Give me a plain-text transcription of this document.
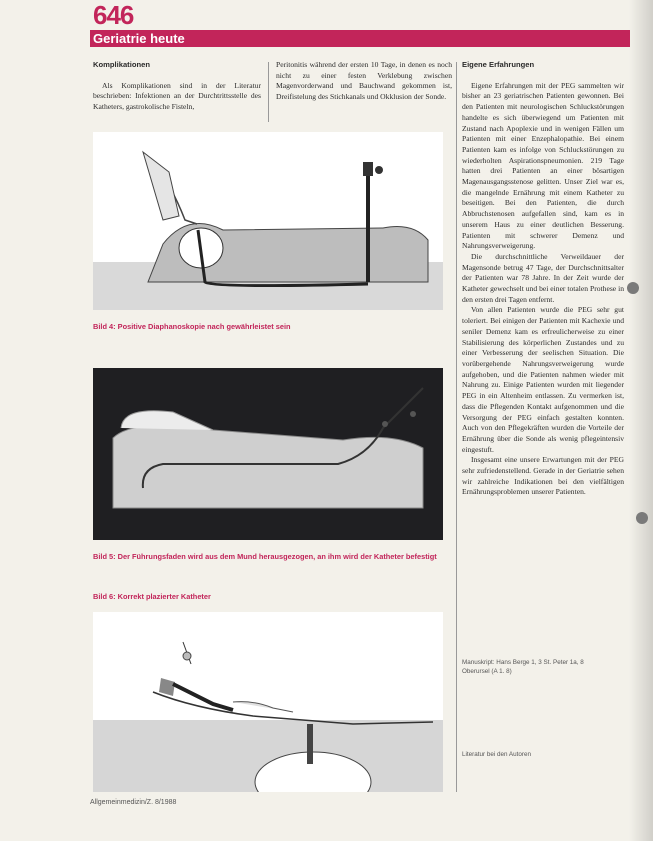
646
Geriatrie heute

Komplikationen

Als Komplikationen sind in der Literatur beschrieben: Infektionen an der Durchtrittsstelle des Katheters, gastrokolische Fisteln,

Peritonitis während der ersten 10 Tage, in denen es noch nicht zu einer festen Verklebung zwischen Magenvorderwand und Bauchwand gekommen ist, Dreifistelung des Stichkanals und Okklusion der Sonde.

Eigene Erfahrungen

Eigene Erfahrungen mit der PEG sammelten wir bisher an 23 geriatrischen Patienten gewonnen. Bei den Patienten mit neurologischen Schluckstörungen handelte es sich überwiegend um Patienten mit Zustand nach Apoplexie und in wenigen Fällen um Patienten mit einer Enzephalopathie. Bei einem Patienten kam es infolge von Schluckstörungen zu wiederholten Aspirationspneumonien. 219 Tage hatten drei Patienten an einer bösartigen Magenausgangsstenose gelitten. Unser Ziel war es, die mangelnde Ernährung mit einem Katheter zu beseitigen. Bei den Patienten, die durch Abbruchstenosen aufgefallen sind, kam es in unserem Haus zu einer deutlichen Besserung. Patienten mit schwerer Demenz und Nahrungsverweigerung.

Die durchschnittliche Verweildauer der Magensonde betrug 47 Tage, der Durchschnittsalter der Patienten war 78 Jahre. In der Zeit wurde der Katheter gewechselt und bei einer totalen Prothese in den ersten drei Tagen entfernt.

Von allen Patienten wurde die PEG sehr gut toleriert. Bei einigen der Patienten mit Kachexie und seniler Demenz kam es erfreulicherweise zu einer Stabilisierung des körperlichen Zustandes und zu einer Verbesserung der seelischen Situation. Die vorübergehende Nahrungsverweigerung wurde aufgehoben, und die Patienten nahmen wieder mit Nahrung zu. Einige Patienten wurden mit liegender PEG in ein Altenheim entlassen. Zu vermerken ist, dass die Pflegenden Kontakt aufgenommen und die Versorgung der PEG einfach gestalten konnten. Auch von den Pflegekräften wurden die Vorteile der Ernährung über die Sonde als wenig pflegeintensiv eingestuft.

Insgesamt eine unsere Erwartungen mit der PEG sehr zufriedenstellend. Gerade in der Geriatrie sehen wir zahlreiche Indikationen bei den vielfältigen Ernährungsproblemen unserer Patienten.

Manuskript: Hans Berge 1, 3 St. Peter 1a, 8 Oberursel (A 1. 8)
Literatur bei den Autoren
Bild 4: Positive Diaphanoskopie nach gewährleistet sein
Bild 5: Der Führungsfaden wird aus dem Mund herausgezogen, an ihm wird der Katheter befestigt
Bild 6: Korrekt plazierter Katheter
Allgemeinmedizin/Z. 8/1988
